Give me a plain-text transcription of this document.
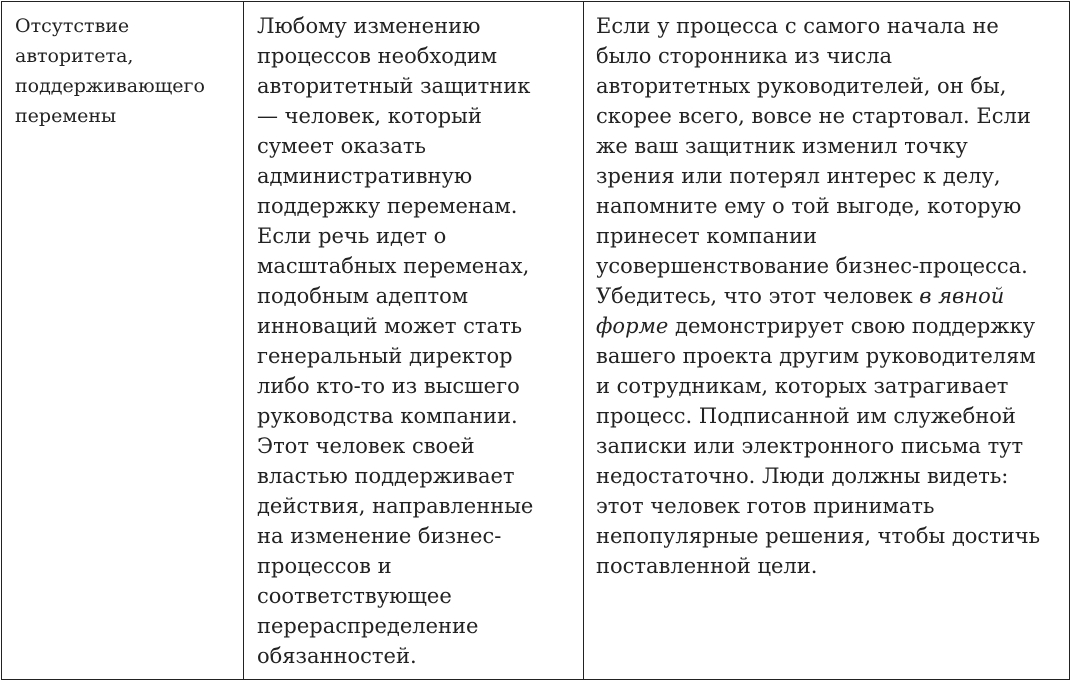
Отсутствие
авторитета,
поддерживающего
перемены
Любому изменению
процессов необходим
авторитетный защитник
— человек, который
сумеет оказать
административную
поддержку переменам.
Если речь идет о
масштабных переменах,
подобным адептом
инноваций может стать
генеральный директор
либо кто-то из высшего
руководства компании.
Этот человек своей
властью поддерживает
действия, направленные
на изменение бизнес-
процессов и
соответствующее
перераспределение
обязанностей.
Если у процесса с самого начала не
было сторонника из числа
авторитетных руководителей, он бы,
скорее всего, вовсе не стартовал. Если
же ваш защитник изменил точку
зрения или потерял интерес к делу,
напомните ему о той выгоде, которую
принесет компании
усовершенствование бизнес-процесса.
Убедитесь, что этот человек в явной
форме демонстрирует свою поддержку
вашего проекта другим руководителям
и сотрудникам, которых затрагивает
процесс. Подписанной им служебной
записки или электронного письма тут
недостаточно. Люди должны видеть:
этот человек готов принимать
непопулярные решения, чтобы достичь
поставленной цели.
